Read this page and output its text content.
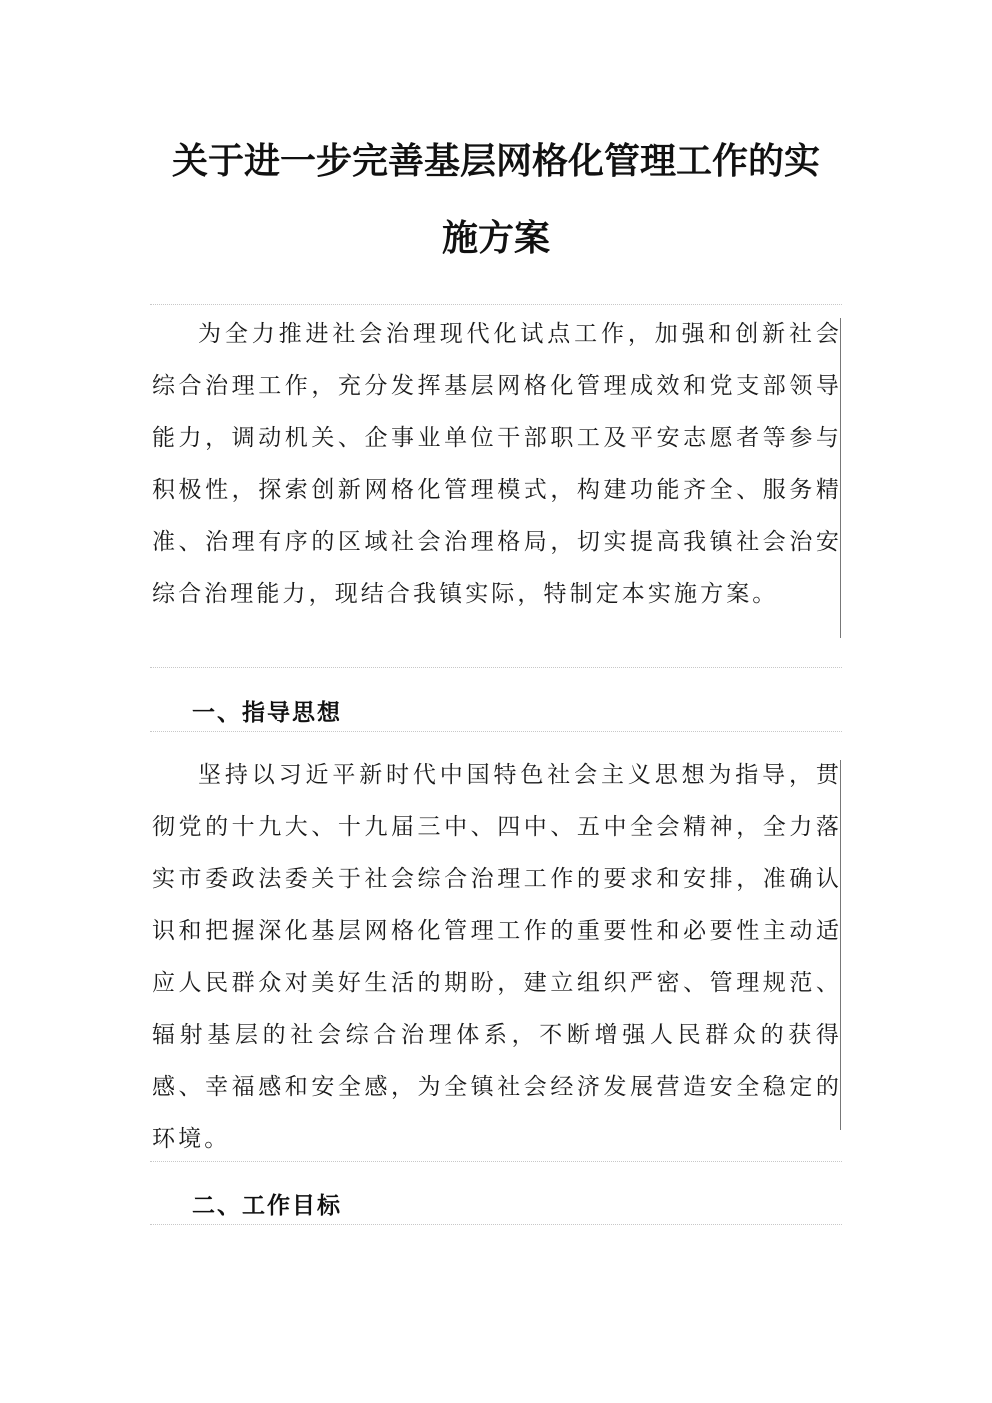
关于进一步完善基层网格化管理工作的实
施方案

为全力推进社会治理现代化试点工作，加强和创新社会综合治理工作，充分发挥基层网格化管理成效和党支部领导能力，调动机关、企事业单位干部职工及平安志愿者等参与积极性，探索创新网格化管理模式，构建功能齐全、服务精准、治理有序的区域社会治理格局，切实提高我镇社会治安综合治理能力，现结合我镇实际，特制定本实施方案。

一、指导思想

坚持以习近平新时代中国特色社会主义思想为指导，贯彻党的十九大、十九届三中、四中、五中全会精神，全力落实市委政法委关于社会综合治理工作的要求和安排，准确认识和把握深化基层网格化管理工作的重要性和必要性主动适应人民群众对美好生活的期盼，建立组织严密、管理规范、辐射基层的社会综合治理体系，不断增强人民群众的获得感、幸福感和安全感，为全镇社会经济发展营造安全稳定的环境。

二、工作目标
